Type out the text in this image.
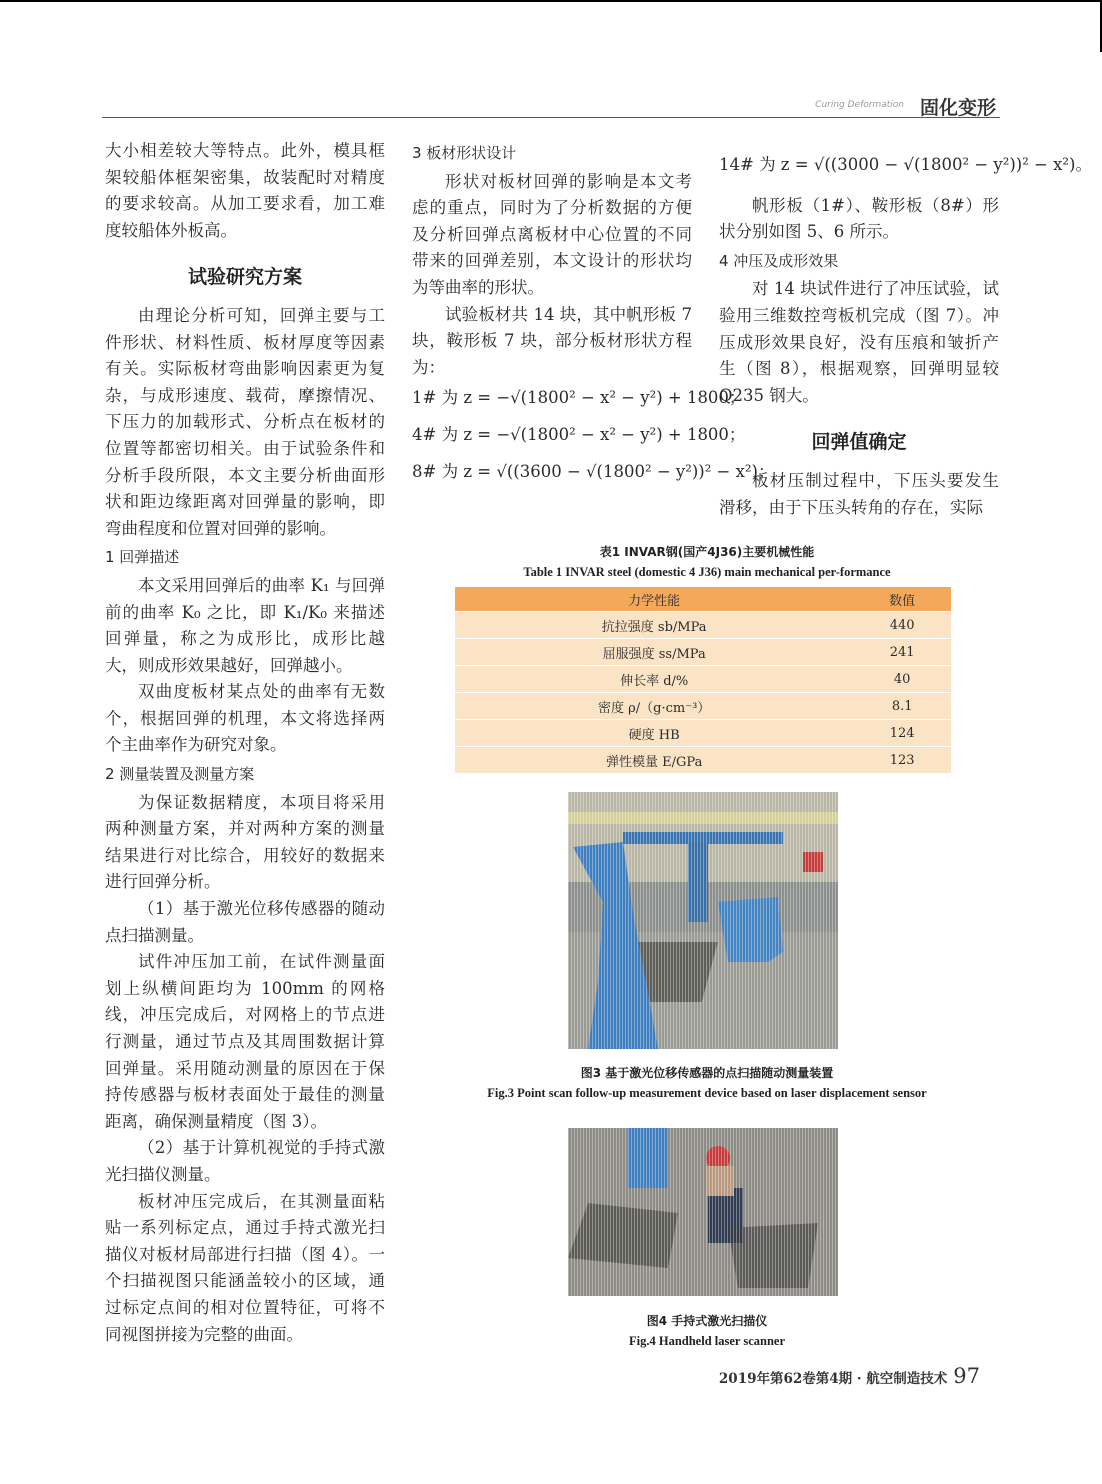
Curing Deformation 固化变形

大小相差较大等特点。此外，模具框架较船体框架密集，故装配时对精度的要求较高。从加工要求看，加工难度较船体外板高。

试验研究方案

由理论分析可知，回弹主要与工件形状、材料性质、板材厚度等因素有关。实际板材弯曲影响因素更为复杂，与成形速度、载荷，摩擦情况、下压力的加载形式、分析点在板材的位置等都密切相关。由于试验条件和分析手段所限，本文主要分析曲面形状和距边缘距离对回弹量的影响，即弯曲程度和位置对回弹的影响。

1 回弹描述

本文采用回弹后的曲率 K₁ 与回弹前的曲率 K₀ 之比，即 K₁/K₀ 来描述回弹量，称之为成形比，成形比越大，则成形效果越好，回弹越小。

双曲度板材某点处的曲率有无数个，根据回弹的机理，本文将选择两个主曲率作为研究对象。

2 测量装置及测量方案

为保证数据精度，本项目将采用两种测量方案，并对两种方案的测量结果进行对比综合，用较好的数据来进行回弹分析。

（1）基于激光位移传感器的随动点扫描测量。

试件冲压加工前，在试件测量面划上纵横间距均为 100mm 的网格线，冲压完成后，对网格上的节点进行测量，通过节点及其周围数据计算回弹量。采用随动测量的原因在于保持传感器与板材表面处于最佳的测量距离，确保测量精度（图 3）。

（2）基于计算机视觉的手持式激光扫描仪测量。

板材冲压完成后，在其测量面粘贴一系列标定点，通过手持式激光扫描仪对板材局部进行扫描（图 4）。一个扫描视图只能涵盖较小的区域，通过标定点间的相对位置特征，可将不同视图拼接为完整的曲面。

3 板材形状设计

形状对板材回弹的影响是本文考虑的重点，同时为了分析数据的方便及分析回弹点离板材中心位置的不同带来的回弹差别，本文设计的形状均为等曲率的形状。

试验板材共 14 块，其中帆形板 7 块，鞍形板 7 块，部分板材形状方程为：

1# 为 z = −√(1800² − x² − y²) + 1800；
4# 为 z = −√(1800² − x² − y²) + 1800；
8# 为 z = √((3600 − √(1800² − y²))² − x²)；
14# 为 z = √((3000 − √(1800² − y²))² − x²)。

帆形板（1#）、鞍形板（8#）形状分别如图 5、6 所示。

4 冲压及成形效果

对 14 块试件进行了冲压试验，试验用三维数控弯板机完成（图 7）。冲压成形效果良好，没有压痕和皱折产生（图 8），根据观察，回弹明显较 Q235 钢大。

回弹值确定

板材压制过程中，下压头要发生滑移，由于下压头转角的存在，实际

表1 INVAR钢(国产4J36)主要机械性能
Table 1 INVAR steel (domestic 4 J36) main mechanical per-formance
力学性能	数值
抗拉强度 sb/MPa	440
屈服强度 ss/MPa	241
伸长率 d/%	40
密度 ρ/（g·cm⁻³）	8.1
硬度 HB	124
弹性模量 E/GPa	123
图3 基于激光位移传感器的点扫描随动测量装置
Fig.3 Point scan follow-up measurement device based on laser displacement sensor
图4 手持式激光扫描仪
Fig.4 Handheld laser scanner
2019年第62卷第4期 · 航空制造技术 97
